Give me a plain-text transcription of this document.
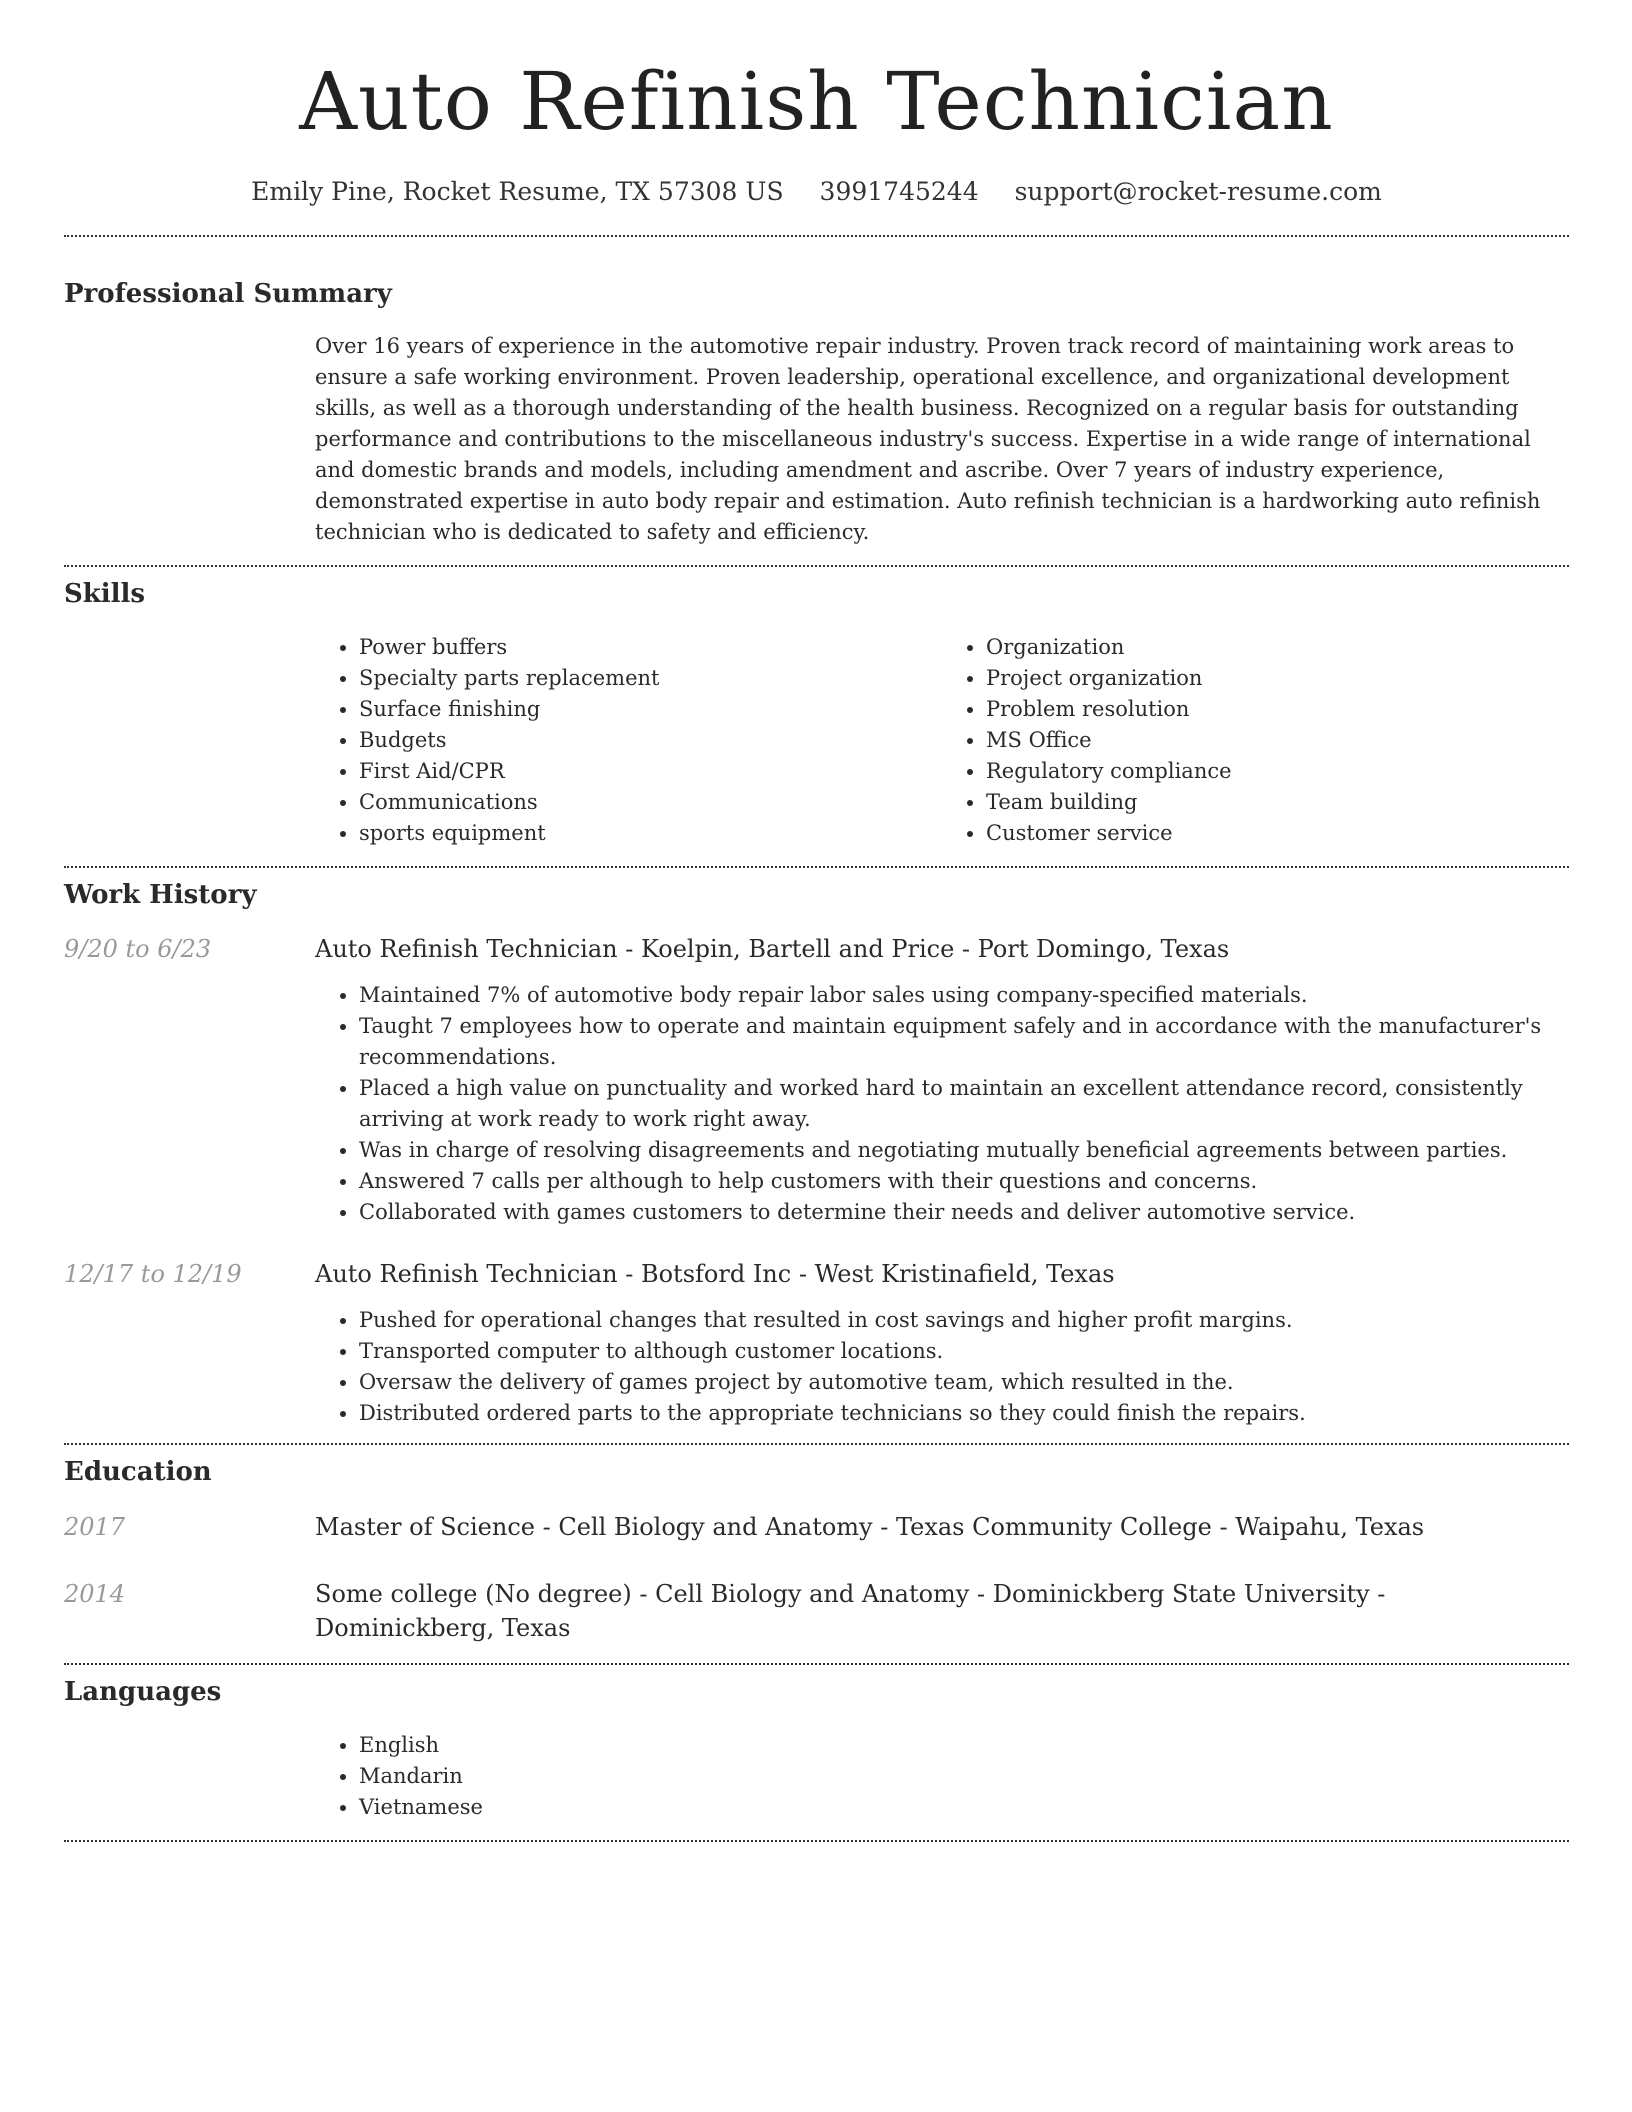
Auto Refinish Technician
Emily Pine, Rocket Resume, TX 57308 US 3991745244 support@rocket-resume.com
Professional Summary

Over 16 years of experience in the automotive repair industry. Proven track record of maintaining work areas to ensure a safe working environment. Proven leadership, operational excellence, and organizational development skills, as well as a thorough understanding of the health business. Recognized on a regular basis for outstanding performance and contributions to the miscellaneous industry's success. Expertise in a wide range of international and domestic brands and models, including amendment and ascribe. Over 7 years of industry experience, demonstrated expertise in auto body repair and estimation. Auto refinish technician is a hardworking auto refinish technician who is dedicated to safety and efficiency.

Skills
• Power buffers
• Specialty parts replacement
• Surface finishing
• Budgets
• First Aid/CPR
• Communications
• sports equipment
• Organization
• Project organization
• Problem resolution
• MS Office
• Regulatory compliance
• Team building
• Customer service
Work History
9/20 to 6/23	Auto Refinish Technician - Koelpin, Bartell and Price - Port Domingo, Texas

• Maintained 7% of automotive body repair labor sales using company-specified materials.
• Taught 7 employees how to operate and maintain equipment safely and in accordance with the manufacturer's recommendations.
• Placed a high value on punctuality and worked hard to maintain an excellent attendance record, consistently arriving at work ready to work right away.
• Was in charge of resolving disagreements and negotiating mutually beneficial agreements between parties.
• Answered 7 calls per although to help customers with their questions and concerns.
• Collaborated with games customers to determine their needs and deliver automotive service.
12/17 to 12/19	Auto Refinish Technician - Botsford Inc - West Kristinafield, Texas

• Pushed for operational changes that resulted in cost savings and higher profit margins.
• Transported computer to although customer locations.
• Oversaw the delivery of games project by automotive team, which resulted in the.
• Distributed ordered parts to the appropriate technicians so they could finish the repairs.
Education
2017	Master of Science - Cell Biology and Anatomy - Texas Community College - Waipahu, Texas

2014	Some college (No degree) - Cell Biology and Anatomy - Dominickberg State University - Dominickberg, Texas

Languages
• English
• Mandarin
• Vietnamese
